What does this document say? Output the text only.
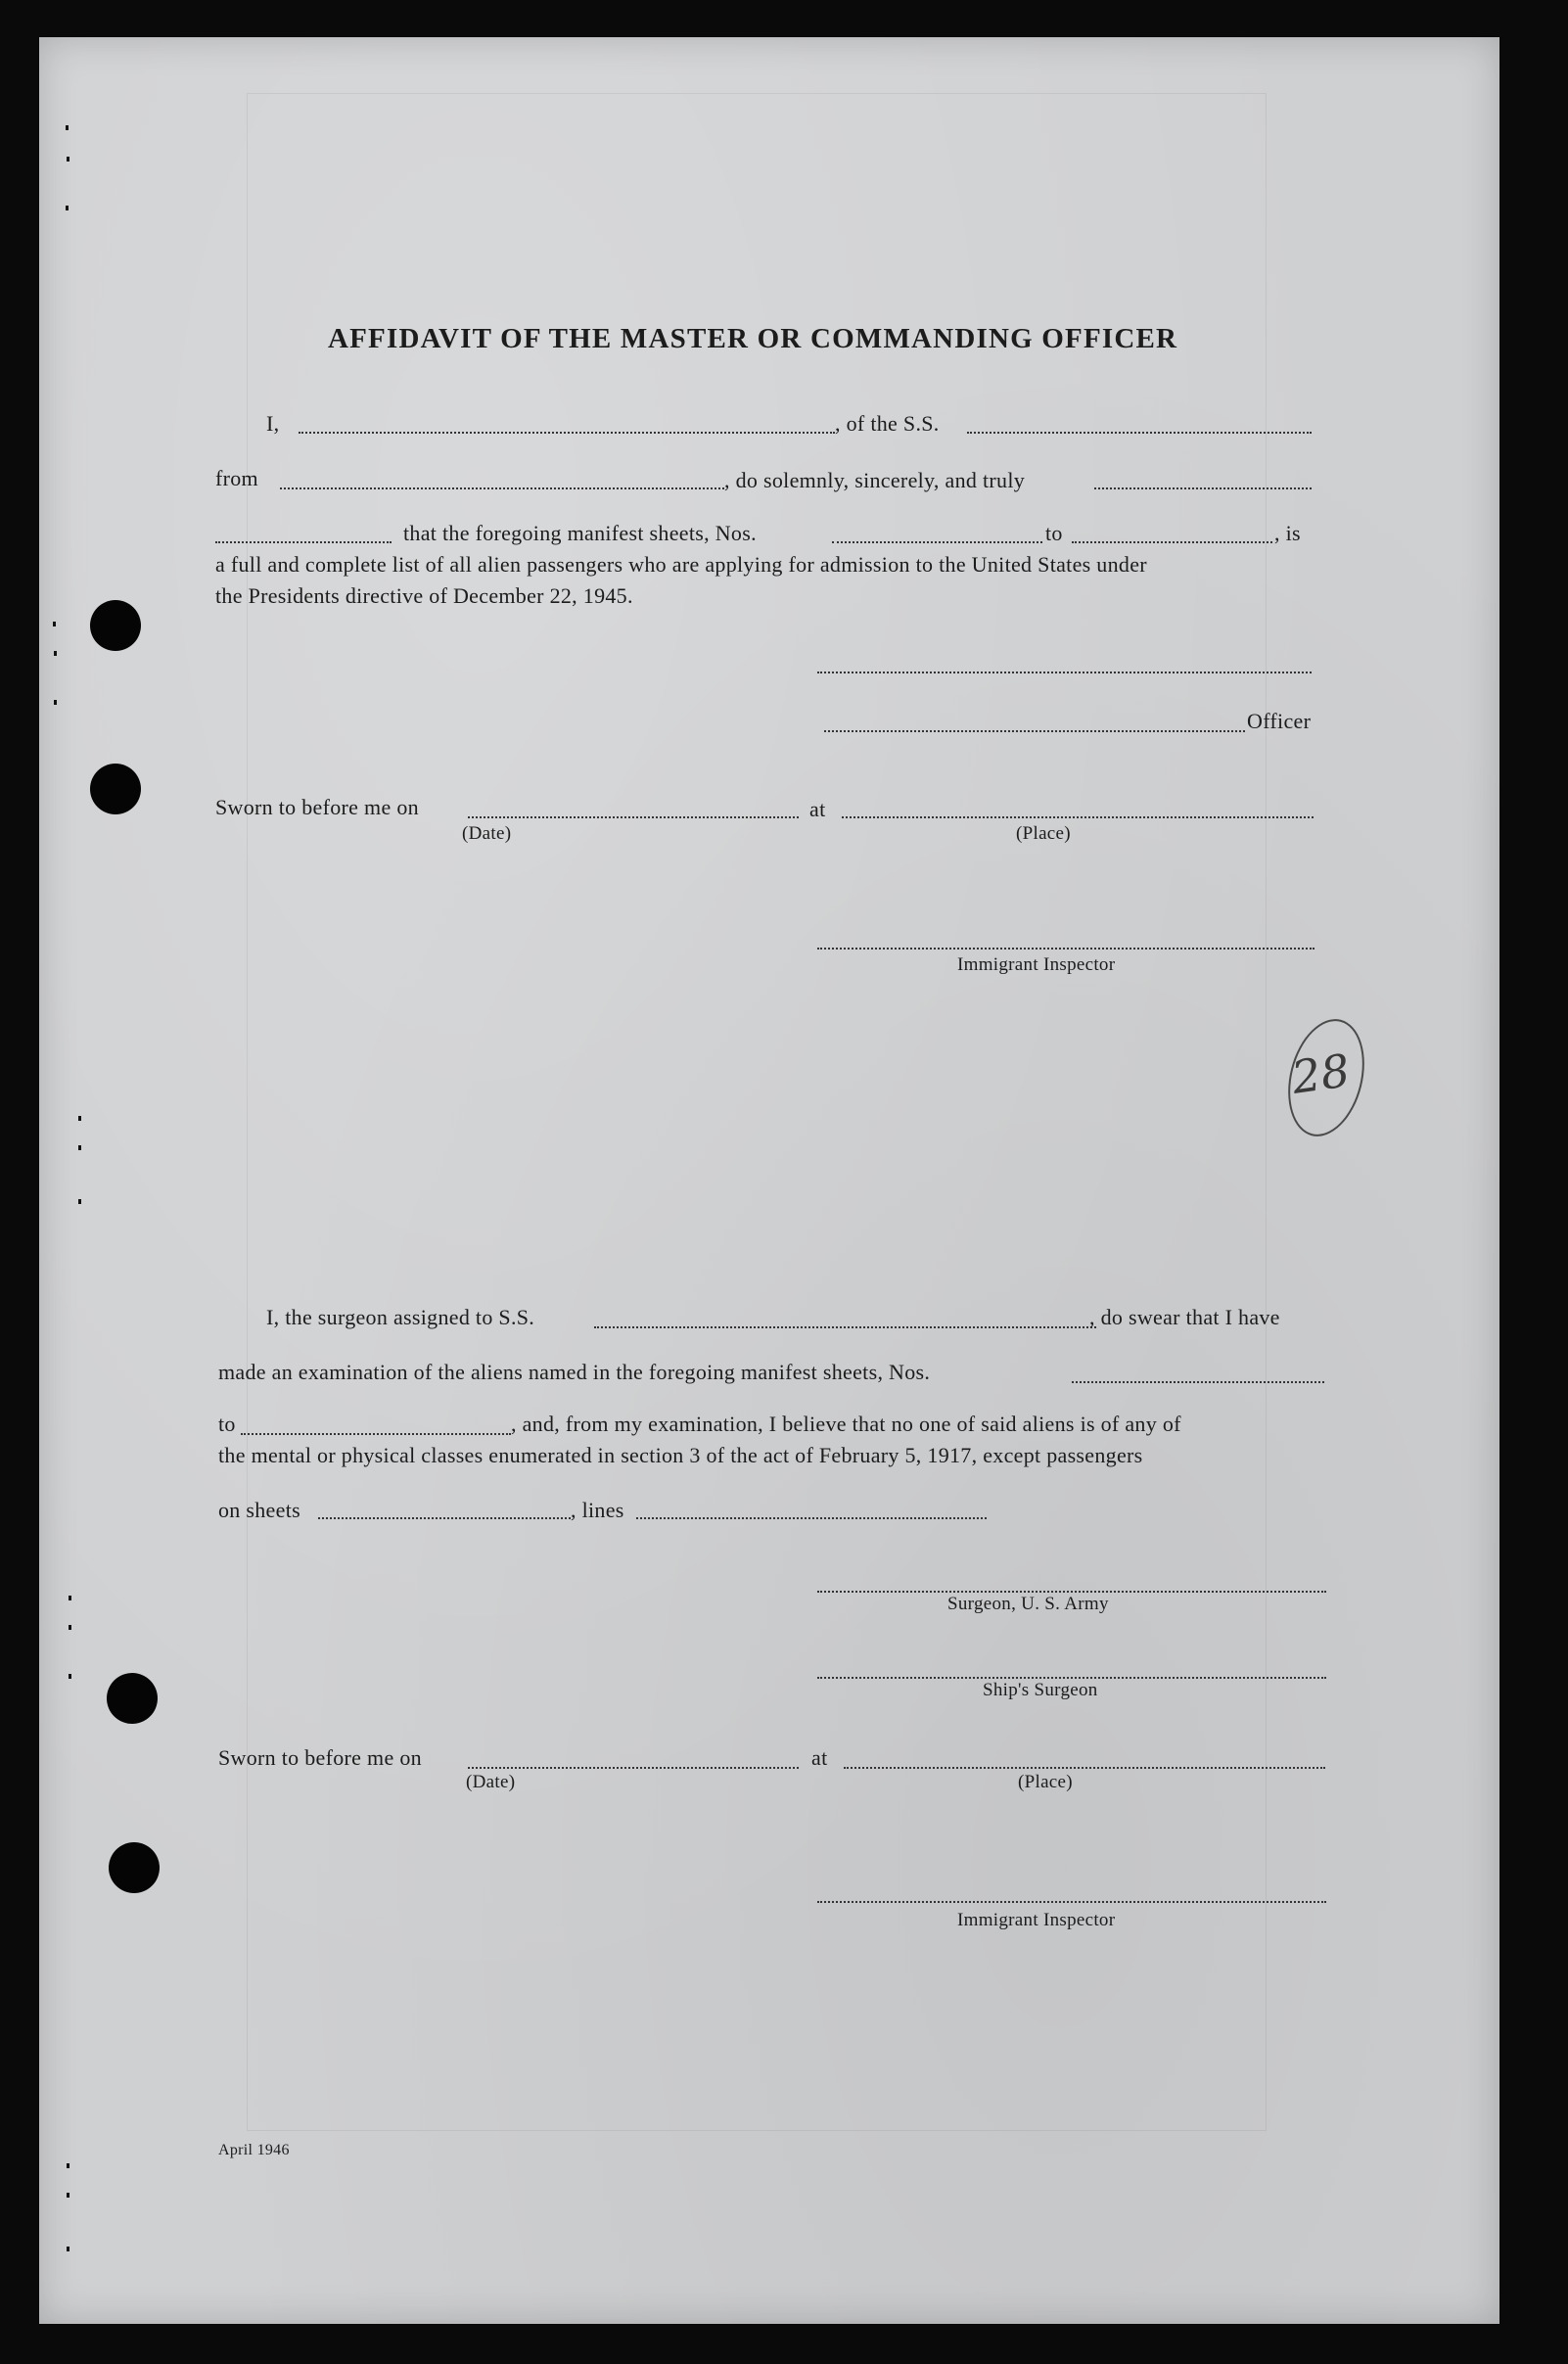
AFFIDAVIT OF THE MASTER OR COMMANDING OFFICER
I,	, of the S.S.
from	, do solemnly, sincerely, and truly
that the foregoing manifest sheets, Nos.	to	, is
a full and complete list of all alien passengers who are applying for admission to the United States under
the Presidents directive of December 22, 1945.
Officer
Sworn to before me on	at
(Date)	(Place)
Immigrant Inspector
28
I, the surgeon assigned to S.S.	, do swear that I have
made an examination of the aliens named in the foregoing manifest sheets, Nos.
to	, and, from my examination, I believe that no one of said aliens is of any of
the mental or physical classes enumerated in section 3 of the act of February 5, 1917, except passengers
on sheets	, lines
Surgeon, U. S. Army
Ship's Surgeon
Sworn to before me on	at
(Date)	(Place)
Immigrant Inspector
April 1946
